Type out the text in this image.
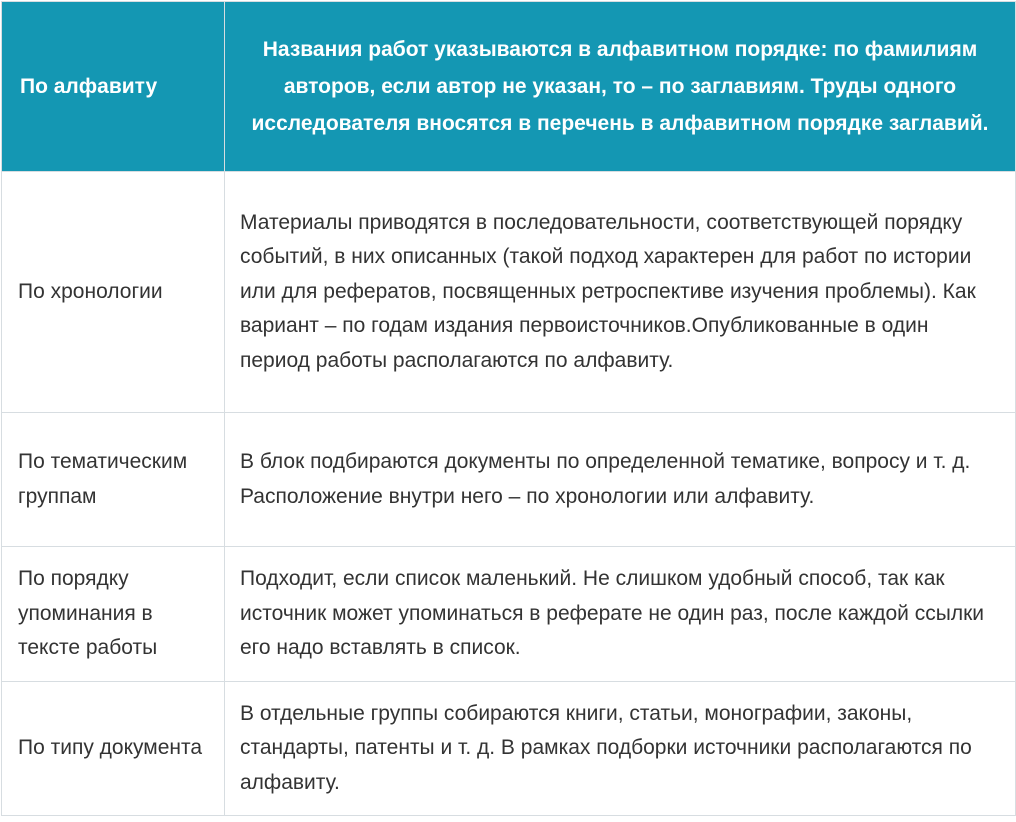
По алфавиту	Названия работ указываются в алфавитном порядке: по фамилиям авторов, если автор не указан, то – по заглавиям. Труды одного исследователя вносятся в перечень в алфавитном порядке заглавий.
По хронологии	Материалы приводятся в последовательности, соответствующей порядку событий, в них описанных (такой подход характерен для работ по истории или для рефератов, посвященных ретроспективе изучения проблемы). Как вариант – по годам издания первоисточников.Опубликованные в один период работы располагаются по алфавиту.
По тематическим группам	В блок подбираются документы по определенной тематике, вопросу и т. д. Расположение внутри него – по хронологии или алфавиту.
По порядку упоминания в тексте работы	Подходит, если список маленький. Не слишком удобный способ, так как источник может упоминаться в реферате не один раз, после каждой ссылки его надо вставлять в список.
По типу документа	В отдельные группы собираются книги, статьи, монографии, законы, стандарты, патенты и т. д. В рамках подборки источники располагаются по алфавиту.
